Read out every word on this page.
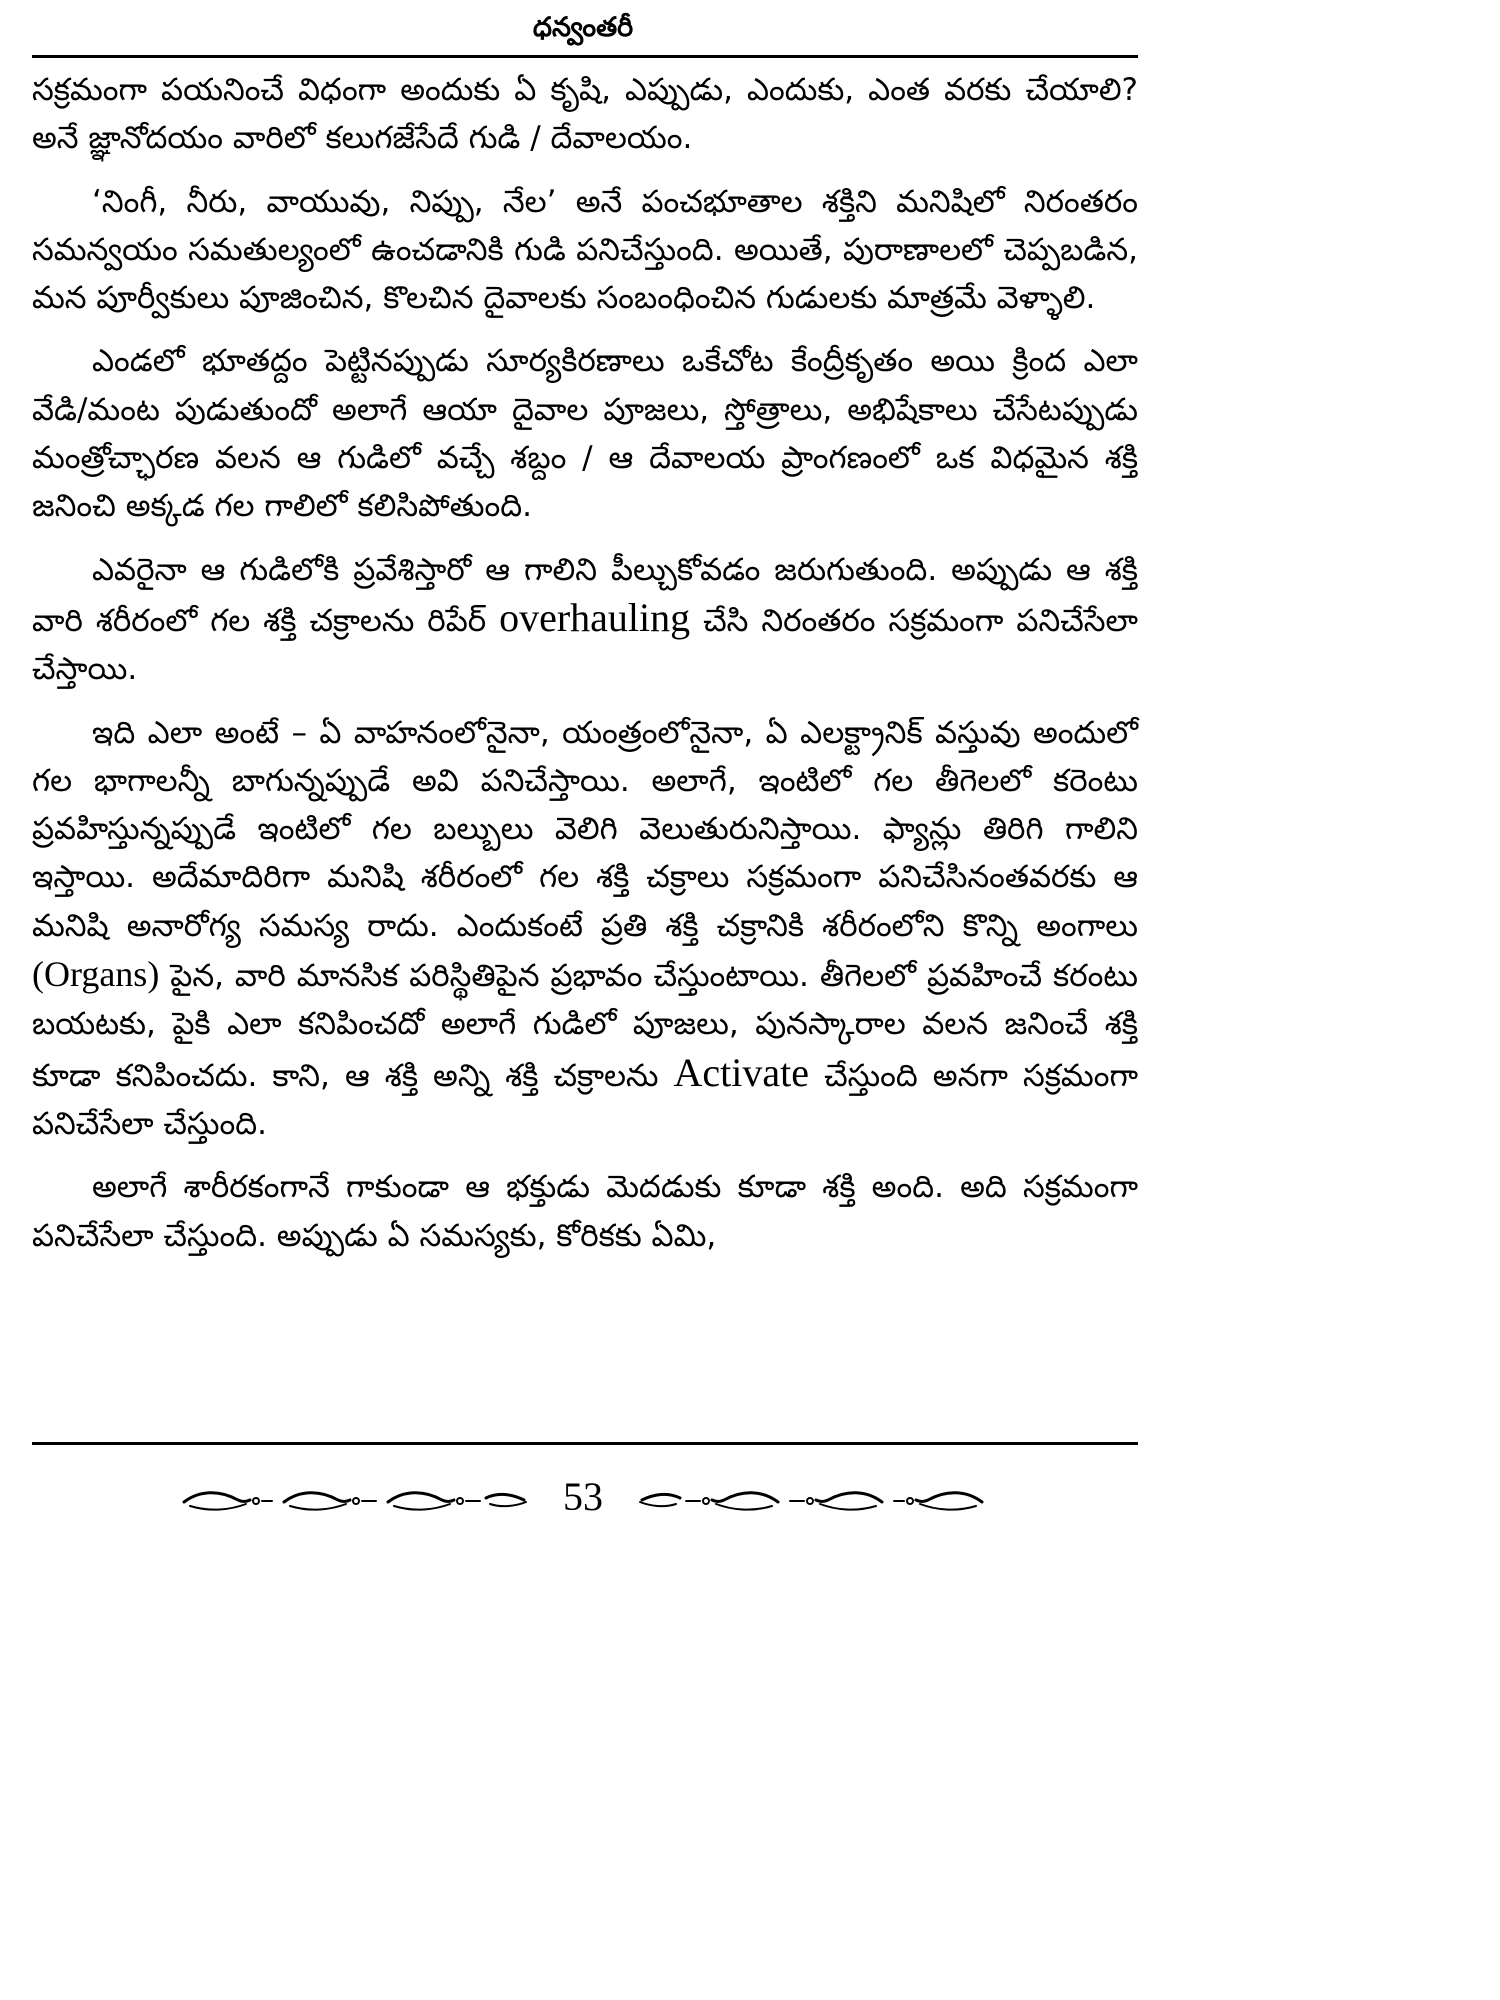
ధన్వంతరీ

సక్రమంగా పయనించే విధంగా అందుకు ఏ కృషి, ఎప్పుడు, ఎందుకు, ఎంత వరకు చేయాలి? అనే జ్ఞానోదయం వారిలో కలుగజేసేదే గుడి / దేవాలయం.

‘నింగీ, నీరు, వాయువు, నిప్పు, నేల’ అనే పంచభూతాల శక్తిని మనిషిలో నిరంతరం సమన్వయం సమతుల్యంలో ఉంచడానికి గుడి పనిచేస్తుంది. అయితే, పురాణాలలో చెప్పబడిన, మన పూర్వీకులు పూజించిన, కొలచిన దైవాలకు సంబంధించిన గుడులకు మాత్రమే వెళ్ళాలి.

ఎండలో భూతద్దం పెట్టినప్పుడు సూర్యకిరణాలు ఒకేచోట కేంద్రీకృతం అయి క్రింద ఎలా వేడి/మంట పుడుతుందో అలాగే ఆయా దైవాల పూజలు, స్తోత్రాలు, అభిషేకాలు చేసేటప్పుడు మంత్రోచ్ఛారణ వలన ఆ గుడిలో వచ్చే శబ్దం / ఆ దేవాలయ ప్రాంగణంలో ఒక విధమైన శక్తి జనించి అక్కడ గల గాలిలో కలిసిపోతుంది.

ఎవరైనా ఆ గుడిలోకి ప్రవేశిస్తారో ఆ గాలిని పీల్చుకోవడం జరుగుతుంది. అప్పుడు ఆ శక్తి వారి శరీరంలో గల శక్తి చక్రాలను రిపేర్ overhauling చేసి నిరంతరం సక్రమంగా పనిచేసేలా చేస్తాయి.

ఇది ఎలా అంటే – ఏ వాహనంలోనైనా, యంత్రంలోనైనా, ఏ ఎలక్ట్రానిక్ వస్తువు అందులో గల భాగాలన్నీ బాగున్నప్పుడే అవి పనిచేస్తాయి. అలాగే, ఇంటిలో గల తీగెలలో కరెంటు ప్రవహిస్తున్నప్పుడే ఇంటిలో గల బల్బులు వెలిగి వెలుతురునిస్తాయి. ఫ్యాన్లు తిరిగి గాలిని ఇస్తాయి. అదేమాదిరిగా మనిషి శరీరంలో గల శక్తి చక్రాలు సక్రమంగా పనిచేసినంతవరకు ఆ మనిషి అనారోగ్య సమస్య రాదు. ఎందుకంటే ప్రతి శక్తి చక్రానికి శరీరంలోని కొన్ని అంగాలు (Organs) పైన, వారి మానసిక పరిస్థితిపైన ప్రభావం చేస్తుంటాయి. తీగెలలో ప్రవహించే కరంటు బయటకు, పైకి ఎలా కనిపించదో అలాగే గుడిలో పూజలు, పునస్కారాల వలన జనించే శక్తి కూడా కనిపించదు. కాని, ఆ శక్తి అన్ని శక్తి చక్రాలను Activate చేస్తుంది అనగా సక్రమంగా పనిచేసేలా చేస్తుంది.

అలాగే శారీరకంగానే గాకుండా ఆ భక్తుడు మెదడుకు కూడా శక్తి అంది. అది సక్రమంగా పనిచేసేలా చేస్తుంది. అప్పుడు ఏ సమస్యకు, కోరికకు ఏమి,

53
